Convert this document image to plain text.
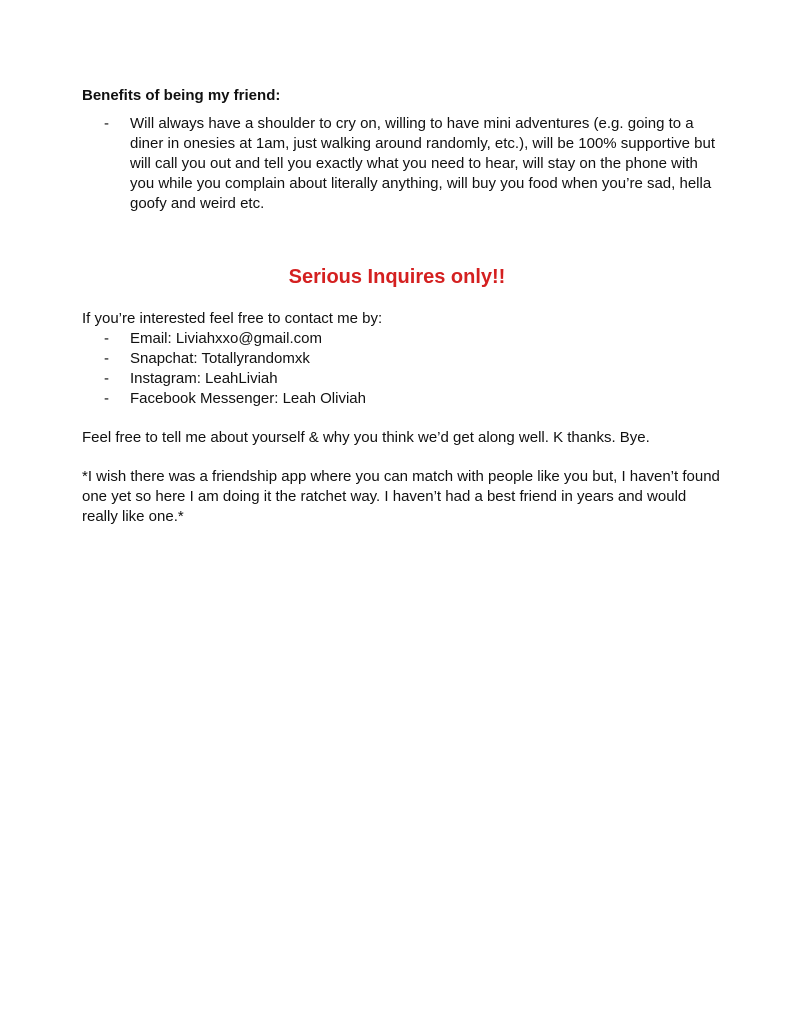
Benefits of being my friend:
- Will always have a shoulder to cry on, willing to have mini adventures (e.g. going to a diner in onesies at 1am, just walking around randomly, etc.), will be 100% supportive but will call you out and tell you exactly what you need to hear, will stay on the phone with you while you complain about literally anything, will buy you food when you’re sad, hella goofy and weird etc.
Serious Inquires only!!
If you’re interested feel free to contact me by:
- Email: Liviahxxo@gmail.com
- Snapchat: Totallyrandomxk
- Instagram: LeahLiviah
- Facebook Messenger: Leah Oliviah
Feel free to tell me about yourself & why you think we’d get along well. K thanks. Bye.
*I wish there was a friendship app where you can match with people like you but, I haven’t found one yet so here I am doing it the ratchet way. I haven’t had a best friend in years and would really like one.*
